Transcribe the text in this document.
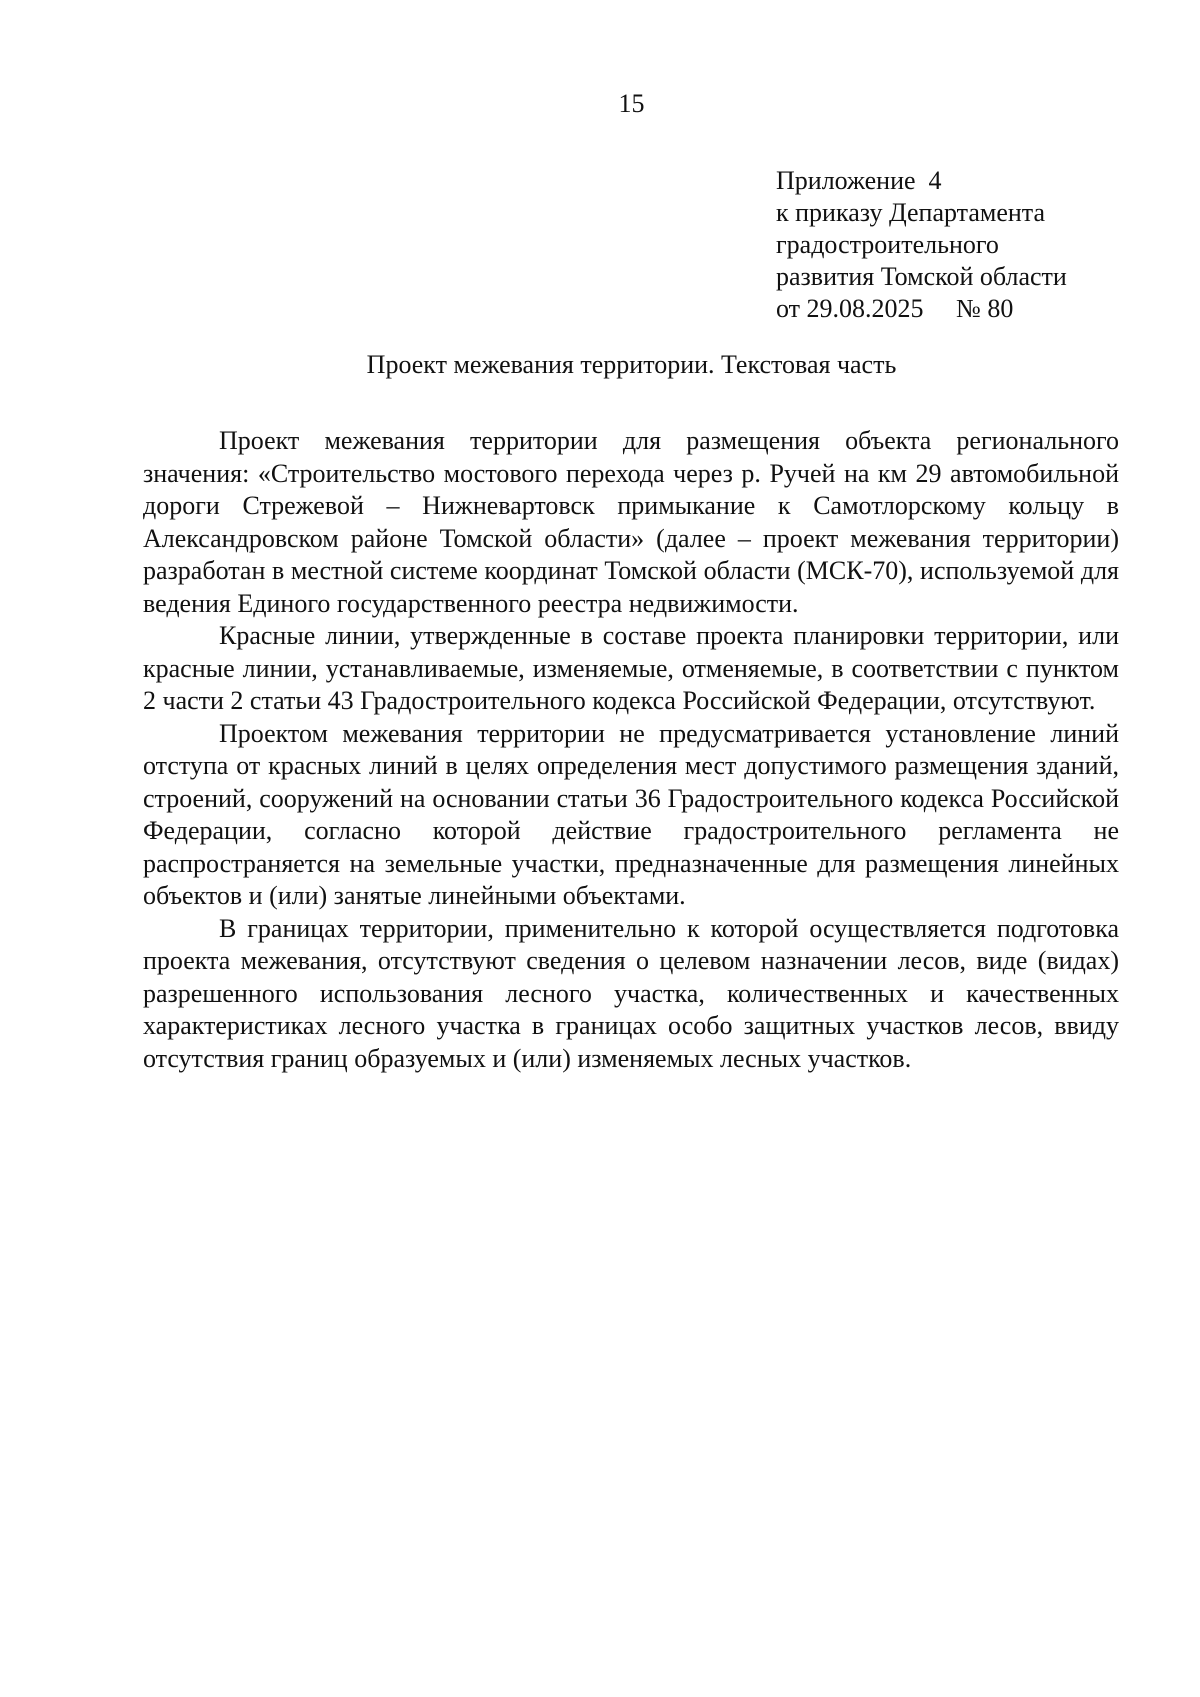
15
Приложение  4
к приказу Департамента
градостроительного
развития Томской области
от 29.08.2025     № 80
Проект межевания территории. Текстовая часть

Проект межевания территории для размещения объекта регионального значения: «Строительство мостового перехода через р. Ручей на км 29 автомобильной дороги Стрежевой – Нижневартовск примыкание к Самотлорскому кольцу в Александровском районе Томской области» (далее – проект межевания территории) разработан в местной системе координат Томской области (МСК-70), используемой для ведения Единого государственного реестра недвижимости.

Красные линии, утвержденные в составе проекта планировки территории, или красные линии, устанавливаемые, изменяемые, отменяемые, в соответствии с пунктом 2 части 2 статьи 43 Градостроительного кодекса Российской Федерации, отсутствуют.

Проектом межевания территории не предусматривается установление линий отступа от красных линий в целях определения мест допустимого размещения зданий, строений, сооружений на основании статьи 36 Градостроительного кодекса Российской Федерации, согласно которой действие градостроительного регламента не распространяется на земельные участки, предназначенные для размещения линейных объектов и (или) занятые линейными объектами.

В границах территории, применительно к которой осуществляется подготовка проекта межевания, отсутствуют сведения о целевом назначении лесов, виде (видах) разрешенного использования лесного участка, количественных и качественных характеристиках лесного участка в границах особо защитных участков лесов, ввиду отсутствия границ образуемых и (или) изменяемых лесных участков.
